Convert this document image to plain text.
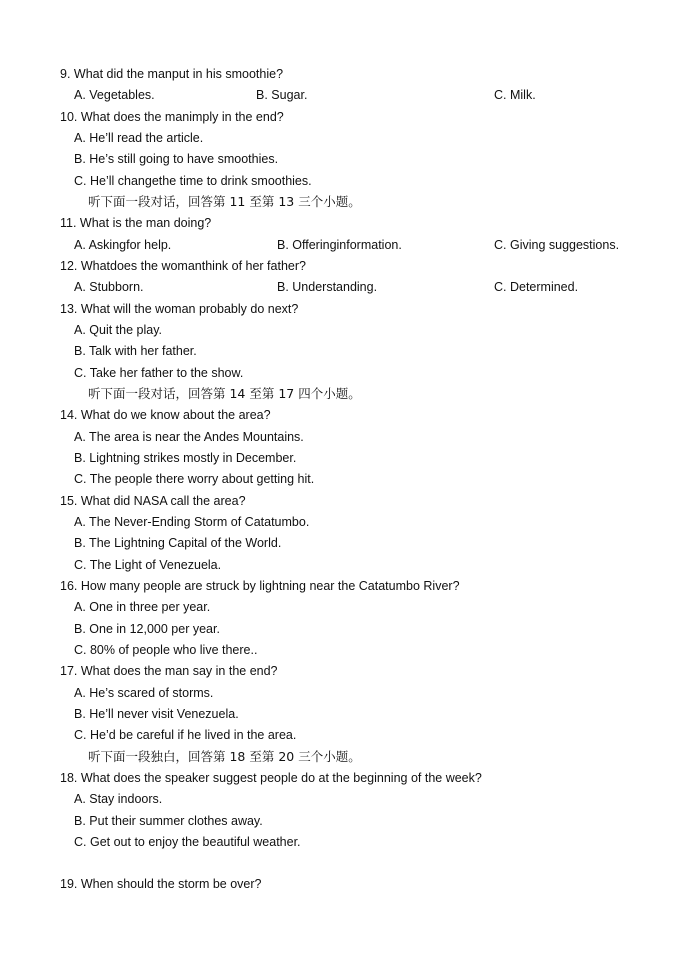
9. What did the manput in his smoothie?
A. Vegetables.	B. Sugar.	C. Milk.
10. What does the manimply in the end?
A. He’ll read the article.
B. He’s still going to have smoothies.
C. He’ll changethe time to drink smoothies.
听下面一段对话，回答第 11 至第 13 三个小题。
11. What is the man doing?
A. Askingfor help.	B. Offeringinformation.	C. Giving suggestions.
12. Whatdoes the womanthink of her father?
A. Stubborn.	B. Understanding.	C. Determined.
13. What will the woman probably do next?
A. Quit the play.
B. Talk with her father.
C. Take her father to the show.
听下面一段对话，回答第 14 至第 17 四个小题。
14. What do we know about the area?
A. The area is near the Andes Mountains.
B. Lightning strikes mostly in December.
C. The people there worry about getting hit.
15. What did NASA call the area?
A. The Never-Ending Storm of Catatumbo.
B. The Lightning Capital of the World.
C. The Light of Venezuela.
16. How many people are struck by lightning near the Catatumbo River?
A. One in three per year.
B. One in 12,000 per year.
C. 80% of people who live there..
17. What does the man say in the end?
A. He’s scared of storms.
B. He’ll never visit Venezuela.
C. He’d be careful if he lived in the area.
听下面一段独白，回答第 18 至第 20 三个小题。
18. What does the speaker suggest people do at the beginning of the week?
A. Stay indoors.
B. Put their summer clothes away.
C. Get out to enjoy the beautiful weather.
19. When should the storm be over?
